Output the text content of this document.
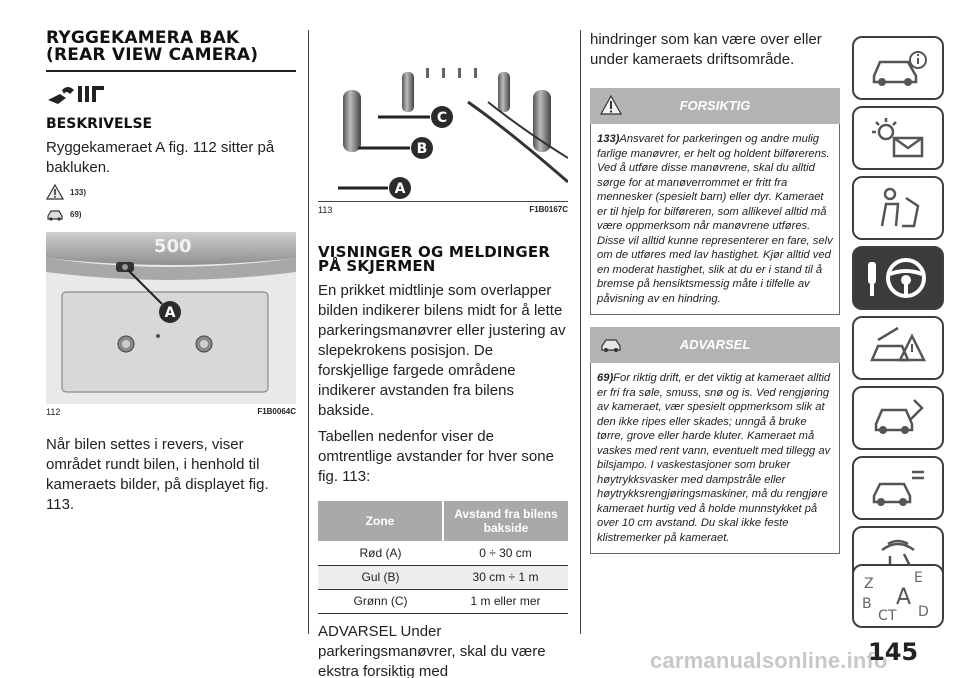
RYGGEKAMERA BAK (REAR VIEW CAMERA)
BESKRIVELSE
Ryggekameraet A fig. 112 sitter på bakluken.
133)
69)
A
500
112	F1B0064C
Når bilen settes i revers, viser området rundt bilen, i henhold til kameraets bilder, på displayet fig. 113.
C
B
A
113	F1B0167C
VISNINGER OG MELDINGER PÅ SKJERMEN
En prikket midtlinje som overlapper bilden indikerer bilens midt for å lette parkeringsmanøvrer eller justering av slepekrokens posisjon. De forskjellige fargede områdene indikerer avstanden fra bilens bakside.
Tabellen nedenfor viser de omtrentlige avstander for hver sone fig. 113:
Zone	Avstand fra bilens bakside
Rød (A)	0 ÷ 30 cm
Gul (B)	30 cm ÷ 1 m
Grønn (C)	1 m eller mer
ADVARSEL Under parkeringsmanøvrer, skal du være ekstra forsiktig med
hindringer som kan være over eller under kameraets driftsområde.
FORSIKTIG
133)Ansvaret for parkeringen og andre mulig farlige manøvrer, er helt og holdent bilførerens. Ved å utføre disse manøvrene, skal du alltid sørge for at manøverrommet er fritt fra mennesker (spesielt barn) eller dyr. Kameraet er til hjelp for bilføreren, som allikevel alltid må være oppmerksom når manøvrene utføres. Disse vil alltid kunne representerer en fare, selv om de utføres med lav hastighet. Kjør alltid ved en moderat hastighet, slik at du er i stand til å bremse på hensiktsmessig måte i tilfelle av påvisning av en hindring.
ADVARSEL
69)For riktig drift, er det viktig at kameraet alltid er fri fra søle, smuss, snø og is. Ved rengjøring av kameraet, vær spesielt oppmerksom slik at den ikke ripes eller skades; unngå å bruke tørre, grove eller harde kluter. Kameraet må vaskes med rent vann, eventuelt med tillegg av bilsjampo. I vaskestasjoner som bruker høytrykksvasker med dampstråle eller høytrykksrengjøringsmaskiner, må du rengjøre kameraet hurtig ved å holde munnstykket på over 10 cm avstand. Du skal ikke feste klistremerker på kameraet.
Z	E
B A
C T D
carmanualsonline.info
145
